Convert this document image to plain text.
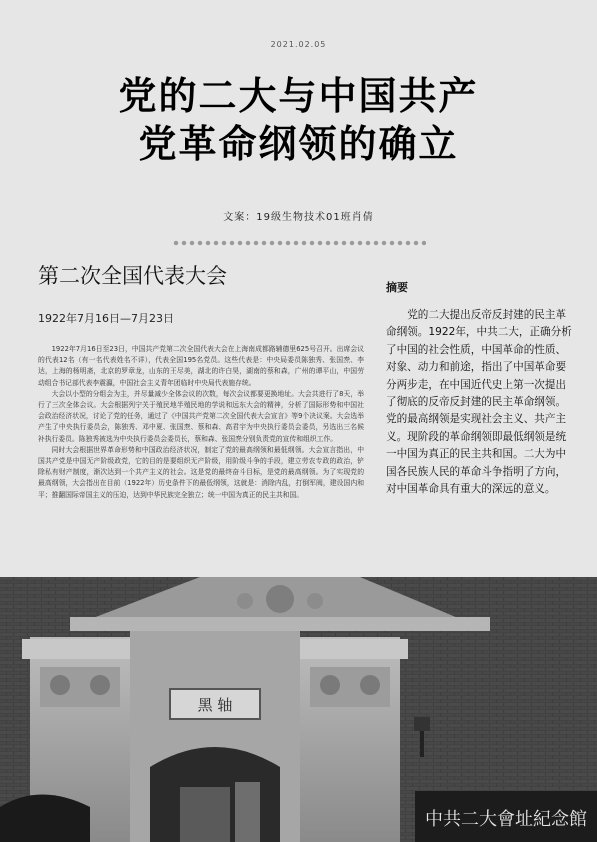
2021.02.05
党的二大与中国共产
党革命纲领的确立
文案：19级生物技术01班肖倩
第二次全国代表大会
1922年7月16日—7月23日

1922年7月16日至23日，中国共产党第二次全国代表大会在上海南成都路辅德里625号召开。出席会议的代表12名（有一名代表姓名不详），代表全国195名党员。这些代表是：中央局委员陈独秀、张国焘、李达，上海的杨明斋，北京的罗章龙，山东的王尽美，湖北的许白昊，湖南的蔡和森，广州的谭平山，中国劳动组合书记部代表李震瀛，中国社会主义青年团临时中央局代表施存统。

大会以小型的分组会为主，并尽量减少全体会议的次数，每次会议都要更换地址。大会共进行了8天，举行了三次全体会议。大会根据列宁关于殖民地半殖民地的学说和远东大会的精神，分析了国际形势和中国社会政治经济状况，讨论了党的任务，通过了《中国共产党第二次全国代表大会宣言》等9个决议案。大会选举产生了中央执行委员会，陈独秀、邓中夏、张国焘、蔡和森、高君宇为中央执行委员会委员，另选出三名候补执行委员。陈独秀被选为中央执行委员会委员长，蔡和森、张国焘分别负责党的宣传和组织工作。

同时大会根据世界革命形势和中国政治经济状况，制定了党的最高纲领和最低纲领。大会宣言指出，中国共产党是中国无产阶级政党，它的目的是要组织无产阶级，用阶级斗争的手段，建立劳农专政的政治，铲除私有财产制度，渐次达到一个共产主义的社会。这是党的最终奋斗目标，是党的最高纲领。为了实现党的最高纲领，大会指出在目前（1922年）历史条件下的最低纲领，这就是：消除内乱，打倒军阀，建设国内和平；推翻国际帝国主义的压迫，达到中华民族完全独立；统一中国为真正的民主共和国。

摘要

党的二大提出反帝反封建的民主革命纲领。1922年，中共二大，正确分析了中国的社会性质，中国革命的性质、对象、动力和前途，指出了中国革命要分两步走，在中国近代史上第一次提出了彻底的反帝反封建的民主革命纲领。党的最高纲领是实现社会主义、共产主义。现阶段的革命纲领即最低纲领是统一中国为真正的民主共和国。二大为中国各民族人民的革命斗争指明了方向，对中国革命具有重大的深远的意义。

黑 轴
中共二大會址紀念館
